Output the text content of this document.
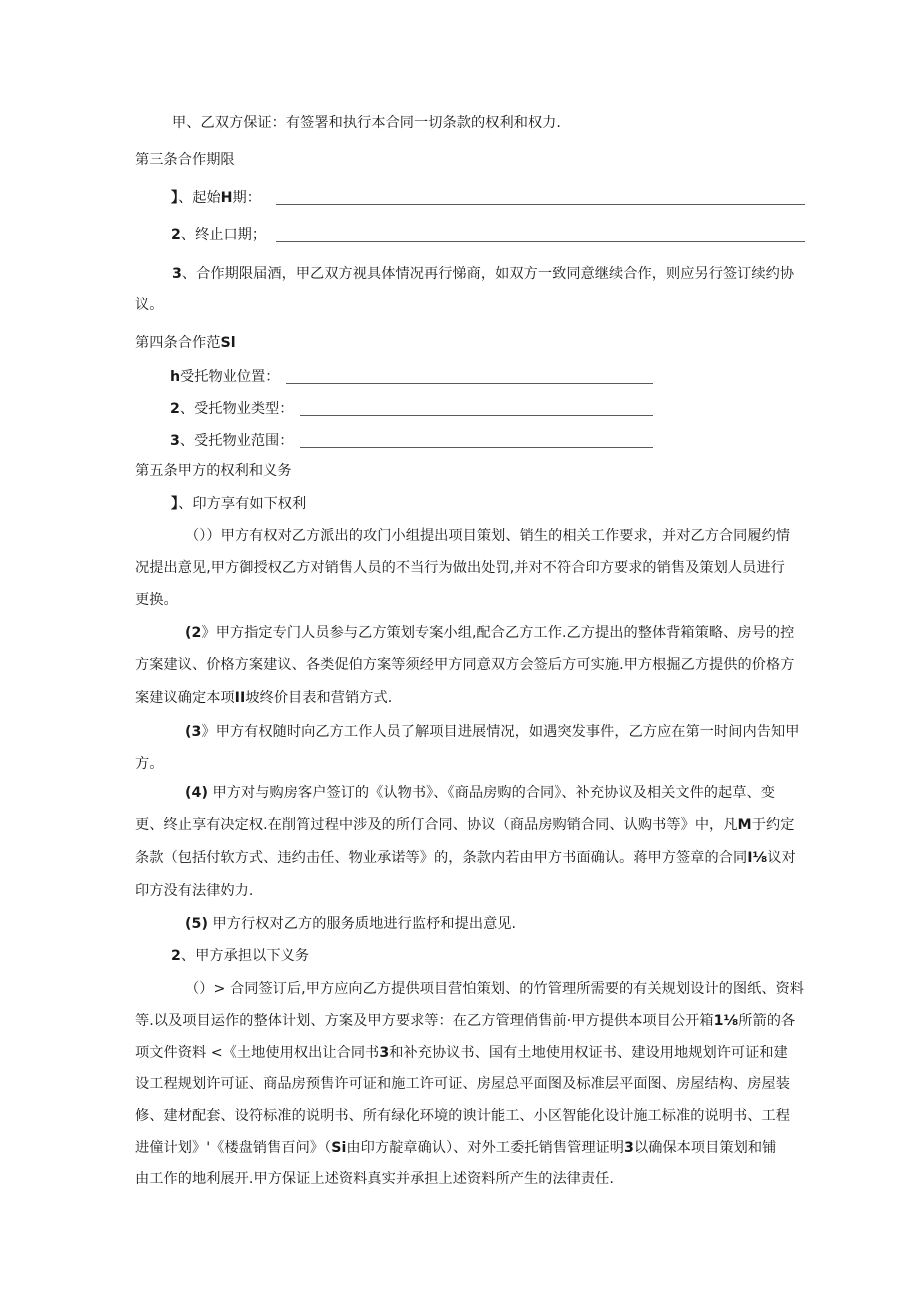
甲、乙双方保证：有签署和执行本合同一切条款的权利和权力.
第三条合作期限
】、起始H期：
2、终止口期；
3、合作期限届酒，甲乙双方视具体情况再行悌商，如双方一致同意继续合作，则应另行签订续约协
议。
第四条合作范Sl
h受托物业位置：
2、受托物业类型：
3、受托物业范围：
第五条甲方的权利和义务
】、印方享有如下权利
（））甲方有权对乙方派出的攻门小组提出项目策划、销生的相关工作要求，并对乙方合同履约情
况提出意见,甲方御授权乙方对销售人员的不当行为做出处罚,并对不符合印方要求的销售及策划人员进行
更换。
(2》甲方指定专门人员参与乙方策划专案小组,配合乙方工作.乙方提出的整体背箱策略、房号的控
方案建议、价格方案建议、各类促伯方案等须经甲方同意双方会签后方可实施.甲方根掘乙方提供的价格方
案建议确定本项II坡终价目表和营销方式.
(3》甲方有权随时向乙方工作人员了解项目进展情况，如遇突发事件，乙方应在第一时间内告知甲
方。
(4) 甲方对与购房客户签订的《认物书》、《商品房购的合同》、补充协议及相关文件的起草、变
更、终止享有决定权.在削筲过程中涉及的所仃合同、协议（商品房购销合同、认购书等》中，凡M于约定
条款（包括付软方式、违约击任、物业承诺等》的，条款内若由甲方书面确认。蒋甲方签章的合同I⅛议对
印方没有法律妁力.
(5) 甲方行权对乙方的服务质地进行监杼和提出意见.
2、甲方承担以下义务
（）> 合同签订后,甲方应向乙方提供项目营怕策划、的竹管理所需要的有关规划设计的图纸、资料
等.以及项目运作的整体计划、方案及甲方要求等：在乙方管理俏售前·甲方提供本项目公开箱1⅛所箭的各
项文件资料 <《土地使用权出让合同书3和补充协议书、国有土地使用权证书、建设用地规划许可证和建
设工程规划许可证、商品房预售许可证和施工许可证、房屋总平面图及标准层平面图、房屋结构、房屋装
修、建材配套、设符标准的说明书、所有绿化环境的谀计能工、小区智能化设计施工标准的说明书、工程
进僮计划》'《楼盘销售百问》（Si由印方靛章确认）、对外工委托销售管理证明3以确保本项目策划和铺
由工作的地利展开.甲方保证上述资料真实并承担上述资料所产生的法律责任.
